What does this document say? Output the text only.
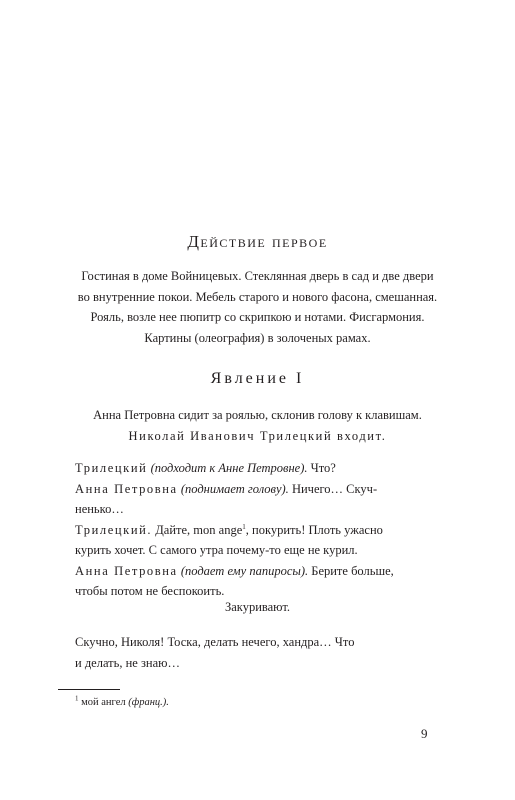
Действие первое
Гостиная в доме Войницевых. Стеклянная дверь в сад и две двери
во внутренние покои. Мебель старого и нового фасона, смешанная.
Рояль, возле нее пюпитр со скрипкою и нотами. Фисгармония.
Картины (олеография) в золоченых рамах.
Явление I
Анна Петровна сидит за роялью, склонив голову к клавишам.
Николай Иванович Трилецкий входит.

Трилецкий (подходит к Анне Петровне). Что?

Анна Петровна (поднимает голову). Ничего… Скуч-
ненько…

Трилецкий. Дайте, mon ange$^1$, покурить! Плоть ужасно
курить хочет. С самого утра почему-то еще не курил.

Анна Петровна (подает ему папиросы). Берите больше,
чтобы потом не беспокоить.

Закуривают.
Скучно, Николя! Тоска, делать нечего, хандра… Что
и делать, не знаю…
$^1$ мой ангел (франц.).
9
